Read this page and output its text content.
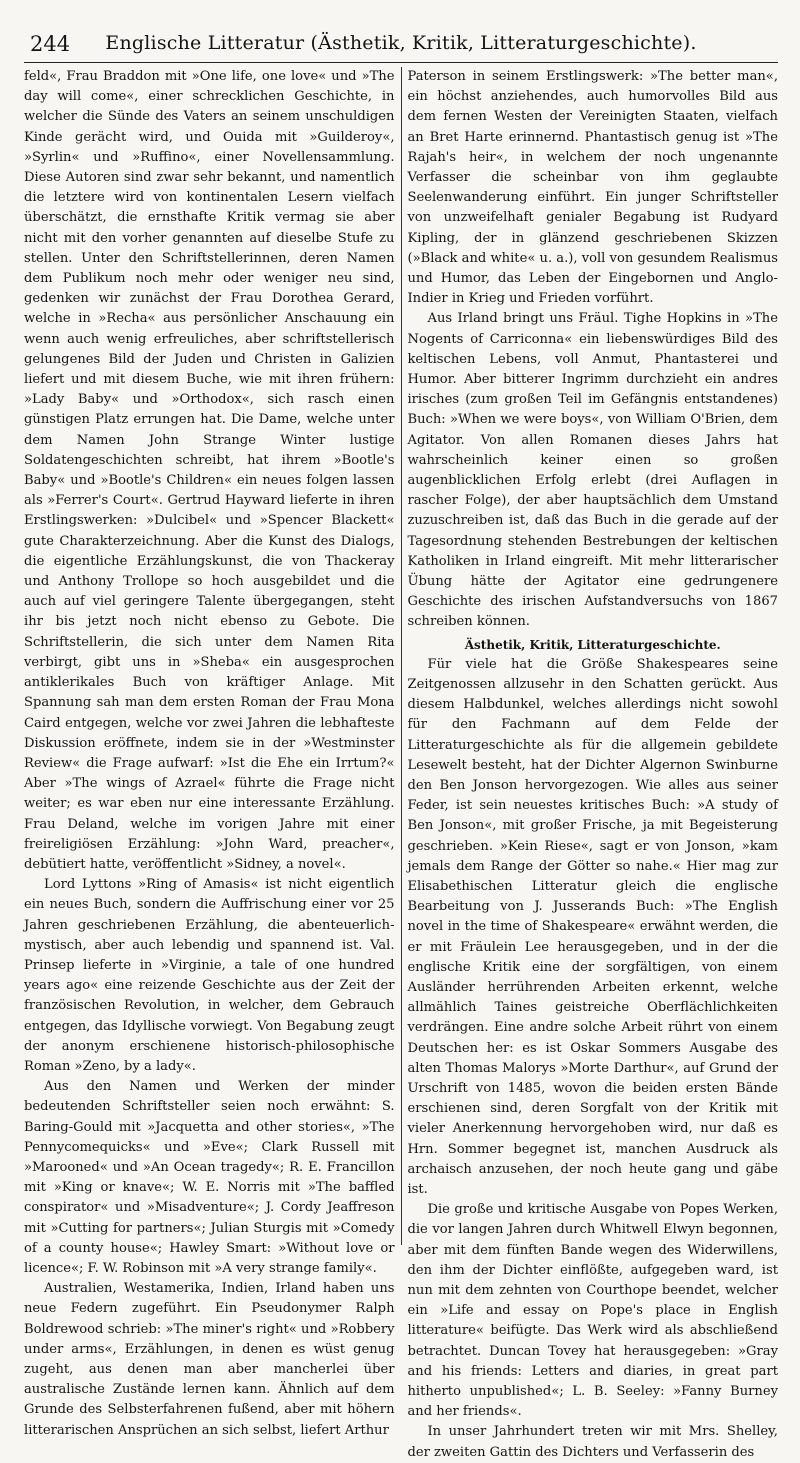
244	Englische Litteratur (Ästhetik, Kritik, Litteraturgeschichte).

feld«, Frau Braddon mit »One life, one love« und »The day will come«, einer schrecklichen Geschichte, in welcher die Sünde des Vaters an seinem unschuldigen Kinde gerächt wird, und Ouida mit »Guilderoy«, »Syrlin« und »Ruffino«, einer Novellensammlung. Diese Autoren sind zwar sehr bekannt, und namentlich die letztere wird von kontinentalen Lesern vielfach überschätzt, die ernsthafte Kritik vermag sie aber nicht mit den vorher genannten auf dieselbe Stufe zu stellen. Unter den Schriftstellerinnen, deren Namen dem Publikum noch mehr oder weniger neu sind, gedenken wir zunächst der Frau Dorothea Gerard, welche in »Recha« aus persönlicher Anschauung ein wenn auch wenig erfreuliches, aber schriftstellerisch gelungenes Bild der Juden und Christen in Galizien liefert und mit diesem Buche, wie mit ihren frühern: »Lady Baby« und »Orthodox«, sich rasch einen günstigen Platz errungen hat. Die Dame, welche unter dem Namen John Strange Winter lustige Soldatengeschichten schreibt, hat ihrem »Bootle's Baby« und »Bootle's Children« ein neues folgen lassen als »Ferrer's Court«. Gertrud Hayward lieferte in ihren Erstlingswerken: »Dulcibel« und »Spencer Blackett« gute Charakterzeichnung. Aber die Kunst des Dialogs, die eigentliche Erzählungskunst, die von Thackeray und Anthony Trollope so hoch ausgebildet und die auch auf viel geringere Talente übergegangen, steht ihr bis jetzt noch nicht ebenso zu Gebote. Die Schriftstellerin, die sich unter dem Namen Rita verbirgt, gibt uns in »Sheba« ein ausgesprochen antiklerikales Buch von kräftiger Anlage. Mit Spannung sah man dem ersten Roman der Frau Mona Caird entgegen, welche vor zwei Jahren die lebhafteste Diskussion eröffnete, indem sie in der »Westminster Review« die Frage aufwarf: »Ist die Ehe ein Irrtum?« Aber »The wings of Azrael« führte die Frage nicht weiter; es war eben nur eine interessante Erzählung. Frau Deland, welche im vorigen Jahre mit einer freireligiösen Erzählung: »John Ward, preacher«, debütiert hatte, veröffentlicht »Sidney, a novel«.

Lord Lyttons »Ring of Amasis« ist nicht eigentlich ein neues Buch, sondern die Auffrischung einer vor 25 Jahren geschriebenen Erzählung, die abenteuerlich-mystisch, aber auch lebendig und spannend ist. Val. Prinsep lieferte in »Virginie, a tale of one hundred years ago« eine reizende Geschichte aus der Zeit der französischen Revolution, in welcher, dem Gebrauch entgegen, das Idyllische vorwiegt. Von Begabung zeugt der anonym erschienene historisch-philosophische Roman »Zeno, by a lady«.

Aus den Namen und Werken der minder bedeutenden Schriftsteller seien noch erwähnt: S. Baring-Gould mit »Jacquetta and other stories«, »The Pennycomequicks« und »Eve«; Clark Russell mit »Marooned« und »An Ocean tragedy«; R. E. Francillon mit »King or knave«; W. E. Norris mit »The baffled conspirator« und »Misadventure«; J. Cordy Jeaffreson mit »Cutting for partners«; Julian Sturgis mit »Comedy of a county house«; Hawley Smart: »Without love or licence«; F. W. Robinson mit »A very strange family«.

Australien, Westamerika, Indien, Irland haben uns neue Federn zugeführt. Ein Pseudonymer Ralph Boldrewood schrieb: »The miner's right« und »Robbery under arms«, Erzählungen, in denen es wüst genug zugeht, aus denen man aber mancherlei über australische Zustände lernen kann. Ähnlich auf dem Grunde des Selbsterfahrenen fußend, aber mit höhern litterarischen Ansprüchen an sich selbst, liefert Arthur

Paterson in seinem Erstlingswerk: »The better man«, ein höchst anziehendes, auch humorvolles Bild aus dem fernen Westen der Vereinigten Staaten, vielfach an Bret Harte erinnernd. Phantastisch genug ist »The Rajah's heir«, in welchem der noch ungenannte Verfasser die scheinbar von ihm geglaubte Seelenwanderung einführt. Ein junger Schriftsteller von unzweifelhaft genialer Begabung ist Rudyard Kipling, der in glänzend geschriebenen Skizzen (»Black and white« u. a.), voll von gesundem Realismus und Humor, das Leben der Eingebornen und Anglo-Indier in Krieg und Frieden vorführt.

Aus Irland bringt uns Fräul. Tighe Hopkins in »The Nogents of Carriconna« ein liebenswürdiges Bild des keltischen Lebens, voll Anmut, Phantasterei und Humor. Aber bitterer Ingrimm durchzieht ein andres irisches (zum großen Teil im Gefängnis entstandenes) Buch: »When we were boys«, von William O'Brien, dem Agitator. Von allen Romanen dieses Jahrs hat wahrscheinlich keiner einen so großen augenblicklichen Erfolg erlebt (drei Auflagen in rascher Folge), der aber hauptsächlich dem Umstand zuzuschreiben ist, daß das Buch in die gerade auf der Tagesordnung stehenden Bestrebungen der keltischen Katholiken in Irland eingreift. Mit mehr litterarischer Übung hätte der Agitator eine gedrungenere Geschichte des irischen Aufstandversuchs von 1867 schreiben können.

Ästhetik, Kritik, Litteraturgeschichte.

Für viele hat die Größe Shakespeares seine Zeitgenossen allzusehr in den Schatten gerückt. Aus diesem Halbdunkel, welches allerdings nicht sowohl für den Fachmann auf dem Felde der Litteraturgeschichte als für die allgemein gebildete Lesewelt besteht, hat der Dichter Algernon Swinburne den Ben Jonson hervorgezogen. Wie alles aus seiner Feder, ist sein neuestes kritisches Buch: »A study of Ben Jonson«, mit großer Frische, ja mit Begeisterung geschrieben. »Kein Riese«, sagt er von Jonson, »kam jemals dem Range der Götter so nahe.« Hier mag zur Elisabethischen Litteratur gleich die englische Bearbeitung von J. Jusserands Buch: »The English novel in the time of Shakespeare« erwähnt werden, die er mit Fräulein Lee herausgegeben, und in der die englische Kritik eine der sorgfältigen, von einem Ausländer herrührenden Arbeiten erkennt, welche allmählich Taines geistreiche Oberflächlichkeiten verdrängen. Eine andre solche Arbeit rührt von einem Deutschen her: es ist Oskar Sommers Ausgabe des alten Thomas Malorys »Morte Darthur«, auf Grund der Urschrift von 1485, wovon die beiden ersten Bände erschienen sind, deren Sorgfalt von der Kritik mit vieler Anerkennung hervorgehoben wird, nur daß es Hrn. Sommer begegnet ist, manchen Ausdruck als archaisch anzusehen, der noch heute gang und gäbe ist.

Die große und kritische Ausgabe von Popes Werken, die vor langen Jahren durch Whitwell Elwyn begonnen, aber mit dem fünften Bande wegen des Widerwillens, den ihm der Dichter einflößte, aufgegeben ward, ist nun mit dem zehnten von Courthope beendet, welcher ein »Life and essay on Pope's place in English litterature« beifügte. Das Werk wird als abschließend betrachtet. Duncan Tovey hat herausgegeben: »Gray and his friends: Letters and diaries, in great part hitherto unpublished«; L. B. Seeley: »Fanny Burney and her friends«.

In unser Jahrhundert treten wir mit Mrs. Shelley, der zweiten Gattin des Dichters und Verfasserin des
